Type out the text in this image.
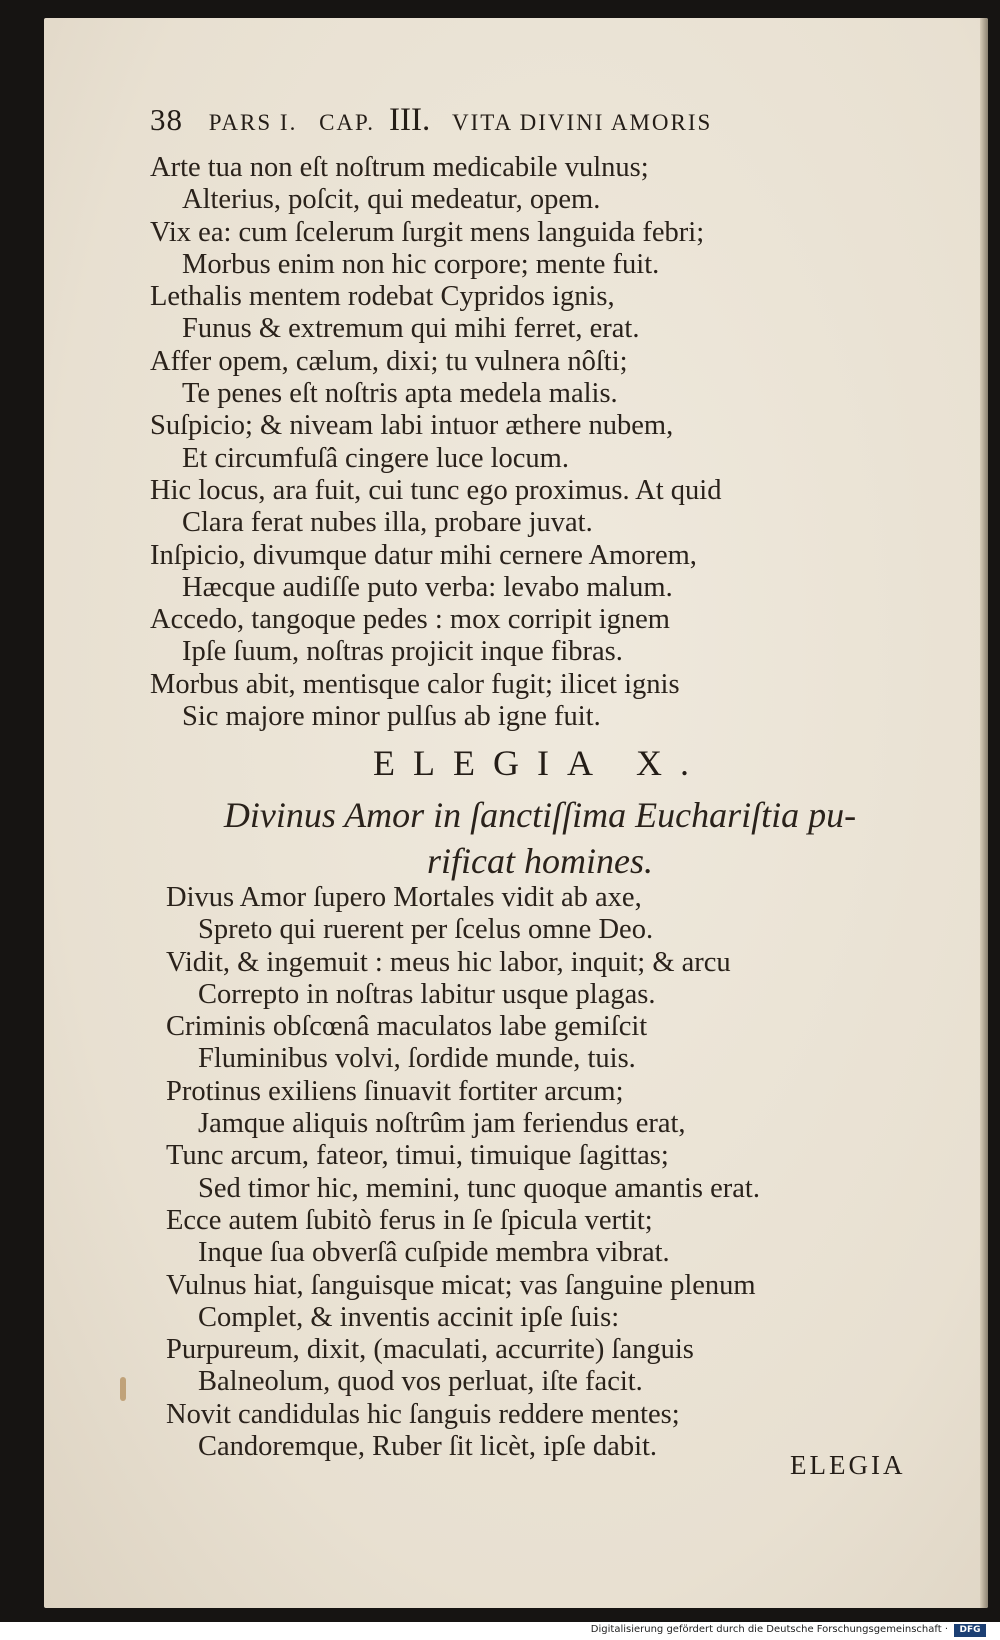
38 PARS I. CAP. III. VITA DIVINI AMORIS
Arte tua non eſt noſtrum medicabile vulnus;
Alterius, poſcit, qui medeatur, opem.
Vix ea: cum ſcelerum ſurgit mens languida febri;
Morbus enim non hic corpore; mente fuit.
Lethalis mentem rodebat Cypridos ignis,
Funus & extremum qui mihi ferret, erat.
Affer opem, cælum, dixi; tu vulnera nôſti;
Te penes eſt noſtris apta medela malis.
Suſpicio; & niveam labi intuor æthere nubem,
Et circumfuſâ cingere luce locum.
Hic locus, ara fuit, cui tunc ego proximus. At quid
Clara ferat nubes illa, probare juvat.
Inſpicio, divumque datur mihi cernere Amorem,
Hæcque audiſſe puto verba: levabo malum.
Accedo, tangoque pedes : mox corripit ignem
Ipſe ſuum, noſtras projicit inque fibras.
Morbus abit, mentisque calor fugit; ilicet ignis
Sic majore minor pulſus ab igne fuit.
ELEGIA X.
Divinus Amor in ſanctiſſima Euchariſtia pu-
rificat homines.
Divus Amor ſupero Mortales vidit ab axe,
Spreto qui ruerent per ſcelus omne Deo.
Vidit, & ingemuit : meus hic labor, inquit; & arcu
Correpto in noſtras labitur usque plagas.
Criminis obſcœnâ maculatos labe gemiſcit
Fluminibus volvi, ſordide munde, tuis.
Protinus exiliens ſinuavit fortiter arcum;
Jamque aliquis noſtrûm jam feriendus erat,
Tunc arcum, fateor, timui, timuique ſagittas;
Sed timor hic, memini, tunc quoque amantis erat.
Ecce autem ſubitò ferus in ſe ſpicula vertit;
Inque ſua obverſâ cuſpide membra vibrat.
Vulnus hiat, ſanguisque micat; vas ſanguine plenum
Complet, & inventis accinit ipſe ſuis:
Purpureum, dixit, (maculati, accurrite) ſanguis
Balneolum, quod vos perluat, iſte facit.
Novit candidulas hic ſanguis reddere mentes;
Candoremque, Ruber ſit licèt, ipſe dabit.
ELEGIA
Digitalisierung gefördert durch die Deutsche Forschungsgemeinschaft ·	DFG
